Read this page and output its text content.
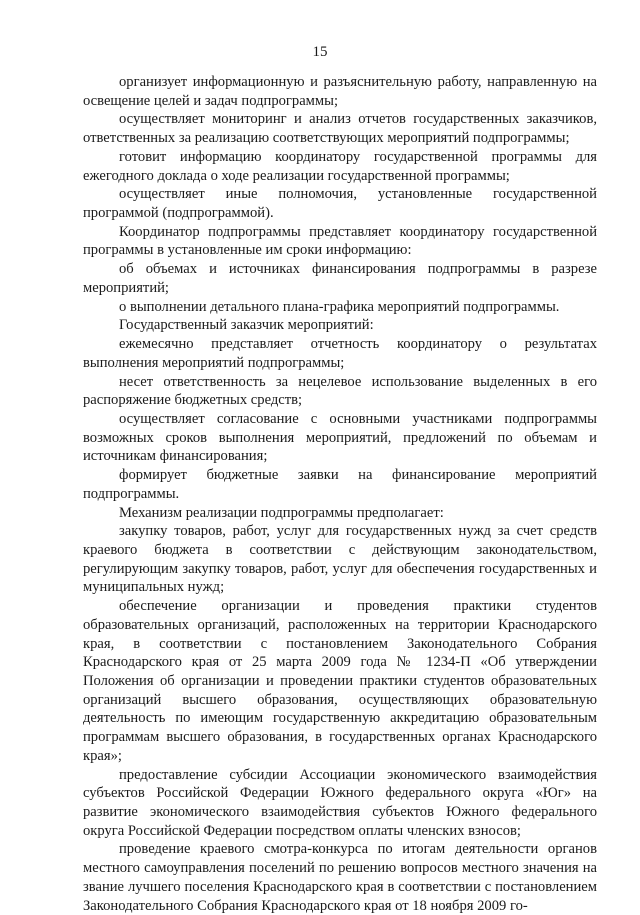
15

организует информационную и разъяснительную работу, направленную на освещение целей и задач подпрограммы;

осуществляет мониторинг и анализ отчетов государственных заказчиков, ответственных за реализацию соответствующих мероприятий подпрограммы;

готовит информацию координатору государственной программы для ежегодного доклада о ходе реализации государственной программы;

осуществляет иные полномочия, установленные государственной программой (подпрограммой).

Координатор подпрограммы представляет координатору государственной программы в установленные им сроки информацию:

об объемах и источниках финансирования подпрограммы в разрезе мероприятий;

о выполнении детального плана-графика мероприятий подпрограммы.

Государственный заказчик мероприятий:

ежемесячно представляет отчетность координатору о результатах выполнения мероприятий подпрограммы;

несет ответственность за нецелевое использование выделенных в его распоряжение бюджетных средств;

осуществляет согласование с основными участниками подпрограммы возможных сроков выполнения мероприятий, предложений по объемам и источникам финансирования;

формирует бюджетные заявки на финансирование мероприятий подпрограммы.

Механизм реализации подпрограммы предполагает:

закупку товаров, работ, услуг для государственных нужд за счет средств краевого бюджета в соответствии с действующим законодательством, регулирующим закупку товаров, работ, услуг для обеспечения государственных и муниципальных нужд;

обеспечение организации и проведения практики студентов образовательных организаций, расположенных на территории Краснодарского края, в соответствии с постановлением Законодательного Собрания Краснодарского края от 25 марта 2009 года № 1234-П «Об утверждении Положения об организации и проведении практики студентов образовательных организаций высшего образования, осуществляющих образовательную деятельность по имеющим государственную аккредитацию образовательным программам высшего образования, в государственных органах Краснодарского края»;

предоставление субсидии Ассоциации экономического взаимодействия субъектов Российской Федерации Южного федерального округа «Юг» на развитие экономического взаимодействия субъектов Южного федерального округа Российской Федерации посредством оплаты членских взносов;

проведение краевого смотра-конкурса по итогам деятельности органов местного самоуправления поселений по решению вопросов местного значения на звание лучшего поселения Краснодарского края в соответствии с постановлением Законодательного Собрания Краснодарского края от 18 ноября 2009 го-
